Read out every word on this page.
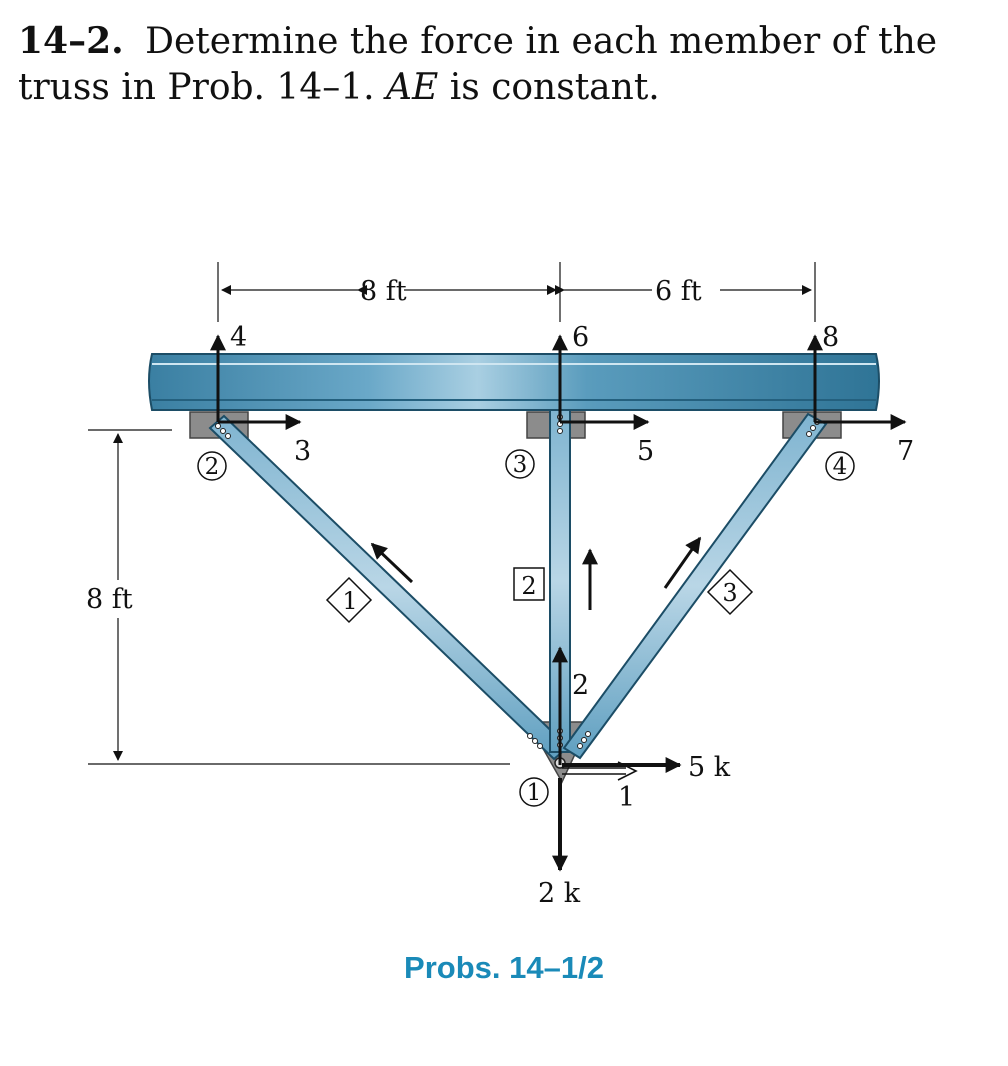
14–2. Determine the force in each member of the truss in Prob. 14–1. AE is constant.
8 ft	6 ft
8 ft
1
2
3
4
5
6
7
8
2	3	4
1
1
2	3
5 k
2 k
Probs. 14–1/2
